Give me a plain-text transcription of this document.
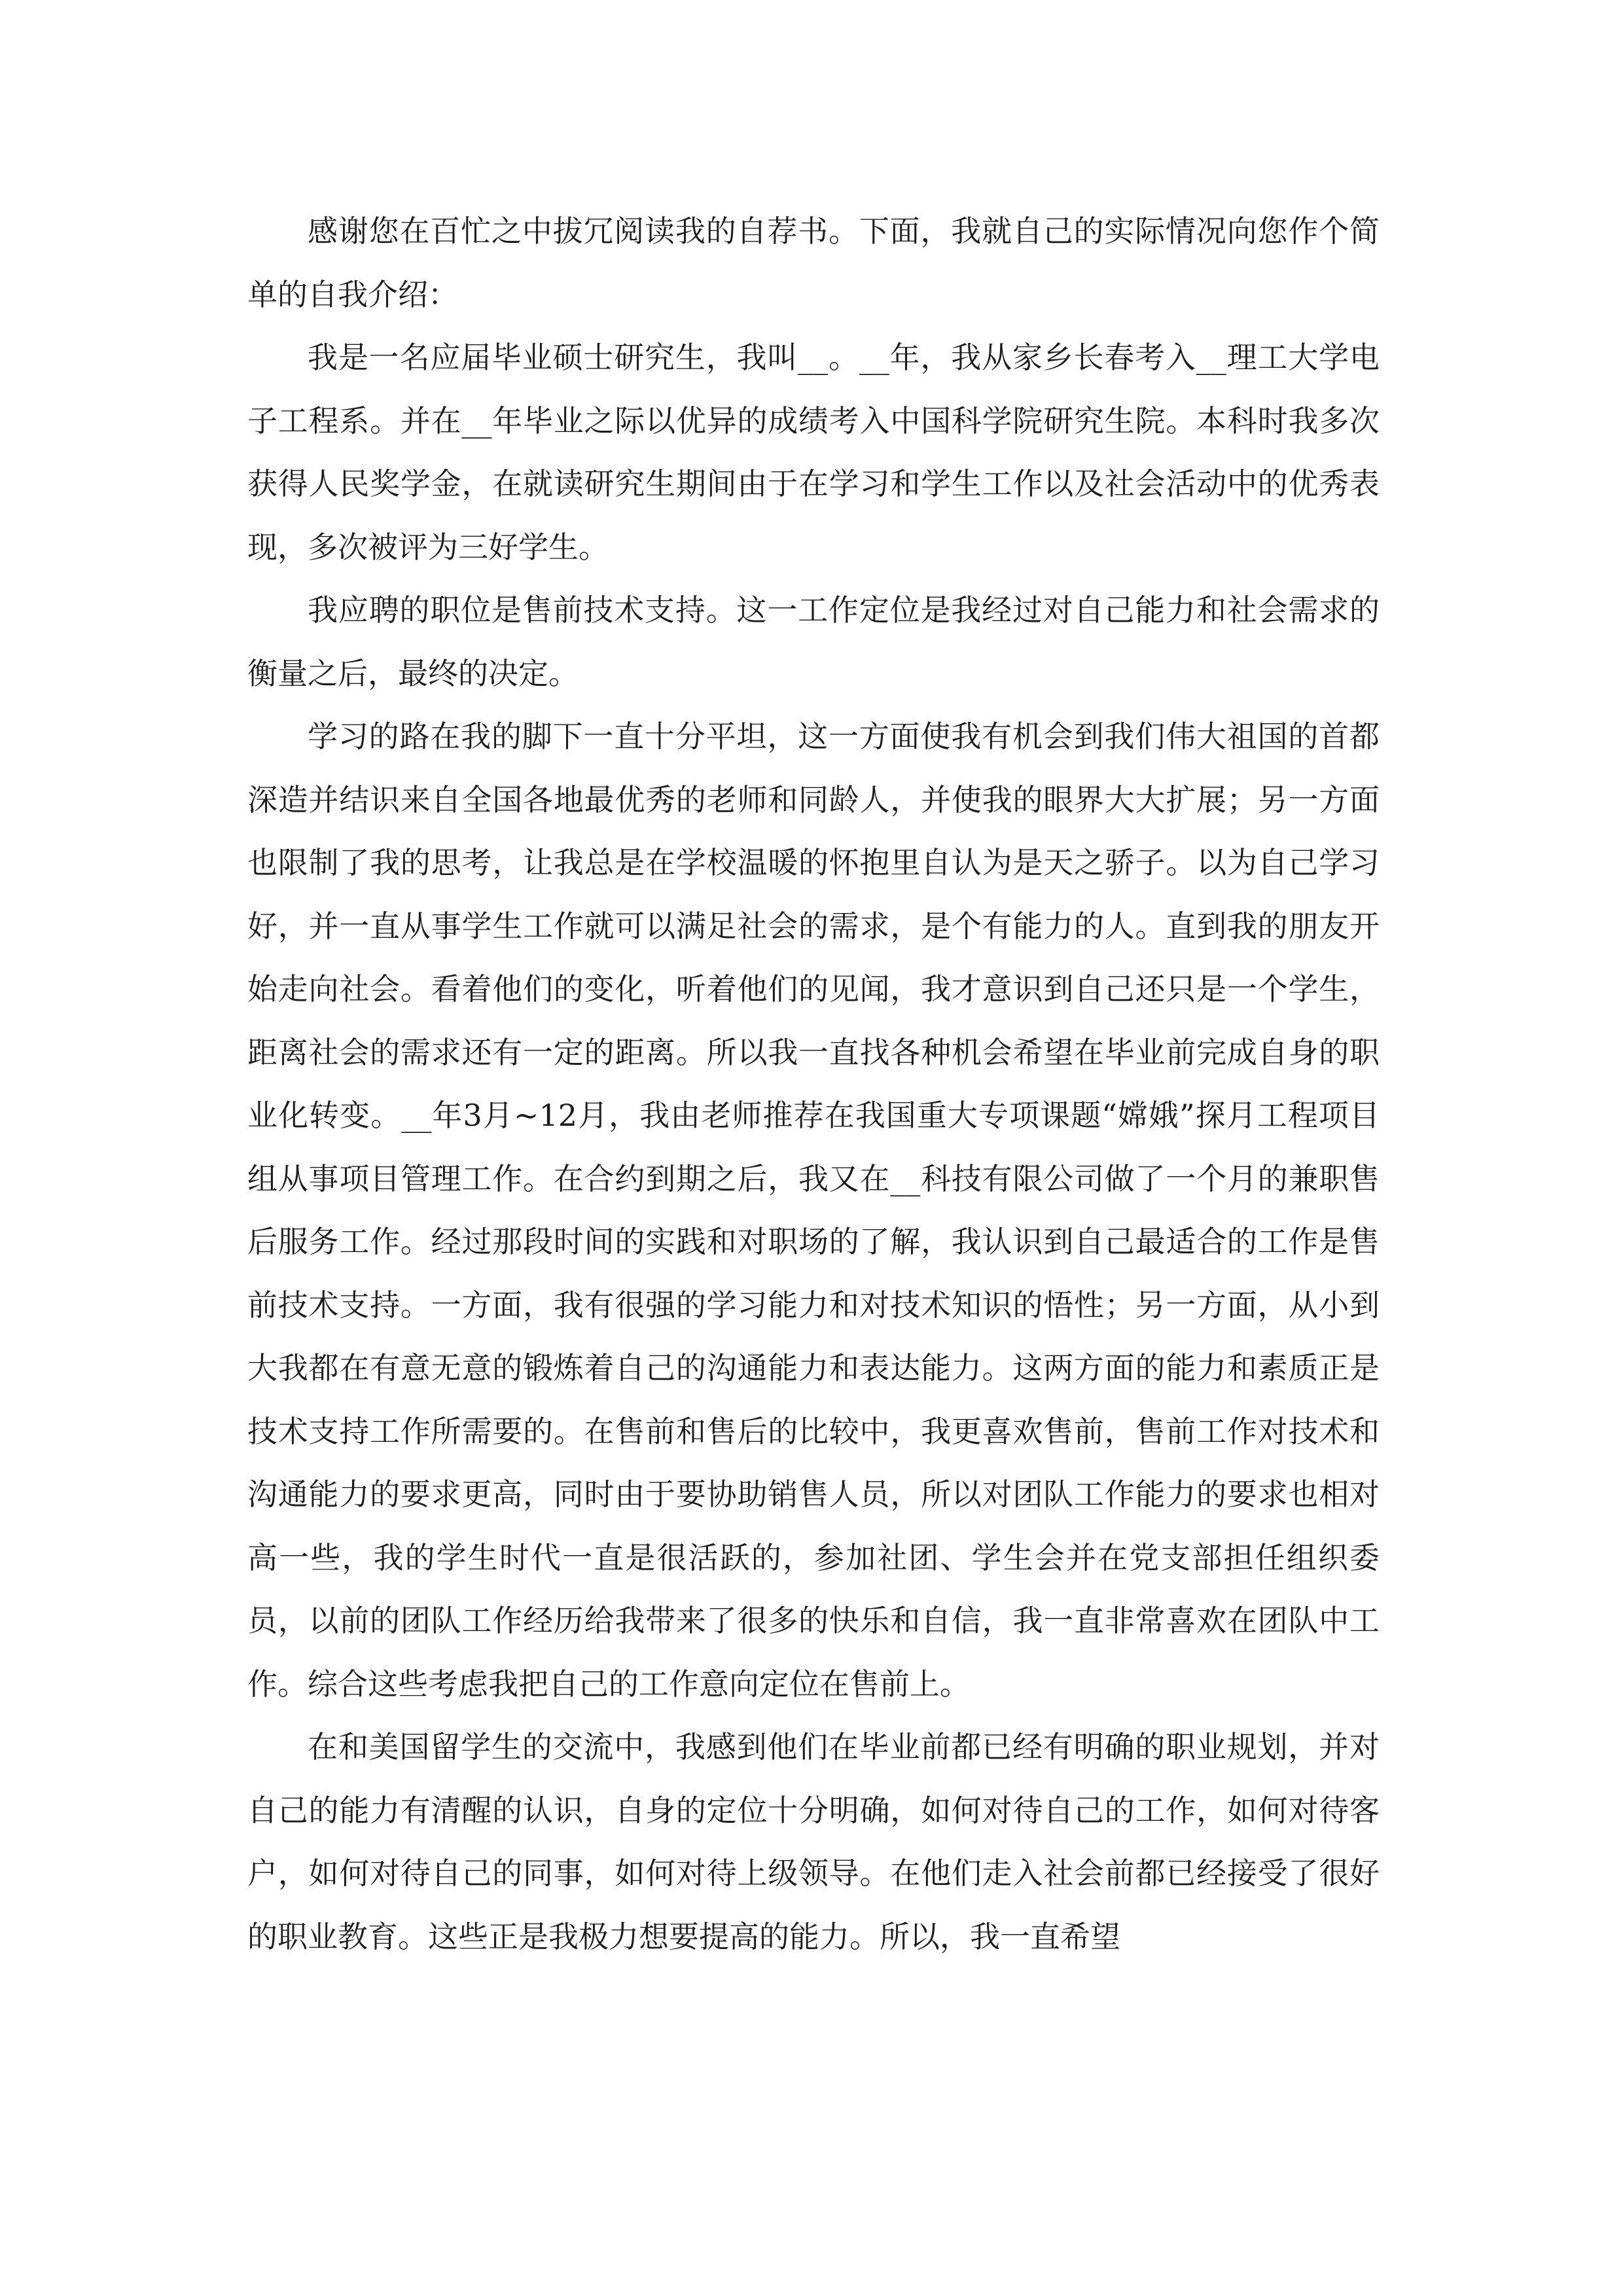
感谢您在百忙之中拔冗阅读我的自荐书。下面，我就自己的实际情况向您作个简单的自我介绍：

我是一名应届毕业硕士研究生，我叫__。__年，我从家乡长春考入__理工大学电子工程系。并在__年毕业之际以优异的成绩考入中国科学院研究生院。本科时我多次获得人民奖学金，在就读研究生期间由于在学习和学生工作以及社会活动中的优秀表现，多次被评为三好学生。

我应聘的职位是售前技术支持。这一工作定位是我经过对自己能力和社会需求的衡量之后，最终的决定。

学习的路在我的脚下一直十分平坦，这一方面使我有机会到我们伟大祖国的首都深造并结识来自全国各地最优秀的老师和同龄人，并使我的眼界大大扩展；另一方面也限制了我的思考，让我总是在学校温暖的怀抱里自认为是天之骄子。以为自己学习好，并一直从事学生工作就可以满足社会的需求，是个有能力的人。直到我的朋友开始走向社会。看着他们的变化，听着他们的见闻，我才意识到自己还只是一个学生，距离社会的需求还有一定的距离。所以我一直找各种机会希望在毕业前完成自身的职业化转变。__年3月~12月，我由老师推荐在我国重大专项课题“嫦娥”探月工程项目组从事项目管理工作。在合约到期之后，我又在__科技有限公司做了一个月的兼职售后服务工作。经过那段时间的实践和对职场的了解，我认识到自己最适合的工作是售前技术支持。一方面，我有很强的学习能力和对技术知识的悟性；另一方面，从小到大我都在有意无意的锻炼着自己的沟通能力和表达能力。这两方面的能力和素质正是技术支持工作所需要的。在售前和售后的比较中，我更喜欢售前，售前工作对技术和沟通能力的要求更高，同时由于要协助销售人员，所以对团队工作能力的要求也相对高一些，我的学生时代一直是很活跃的，参加社团、学生会并在党支部担任组织委员，以前的团队工作经历给我带来了很多的快乐和自信，我一直非常喜欢在团队中工作。综合这些考虑我把自己的工作意向定位在售前上。

在和美国留学生的交流中，我感到他们在毕业前都已经有明确的职业规划，并对自己的能力有清醒的认识，自身的定位十分明确，如何对待自己的工作，如何对待客户，如何对待自己的同事，如何对待上级领导。在他们走入社会前都已经接受了很好的职业教育。这些正是我极力想要提高的能力。所以，我一直希望
